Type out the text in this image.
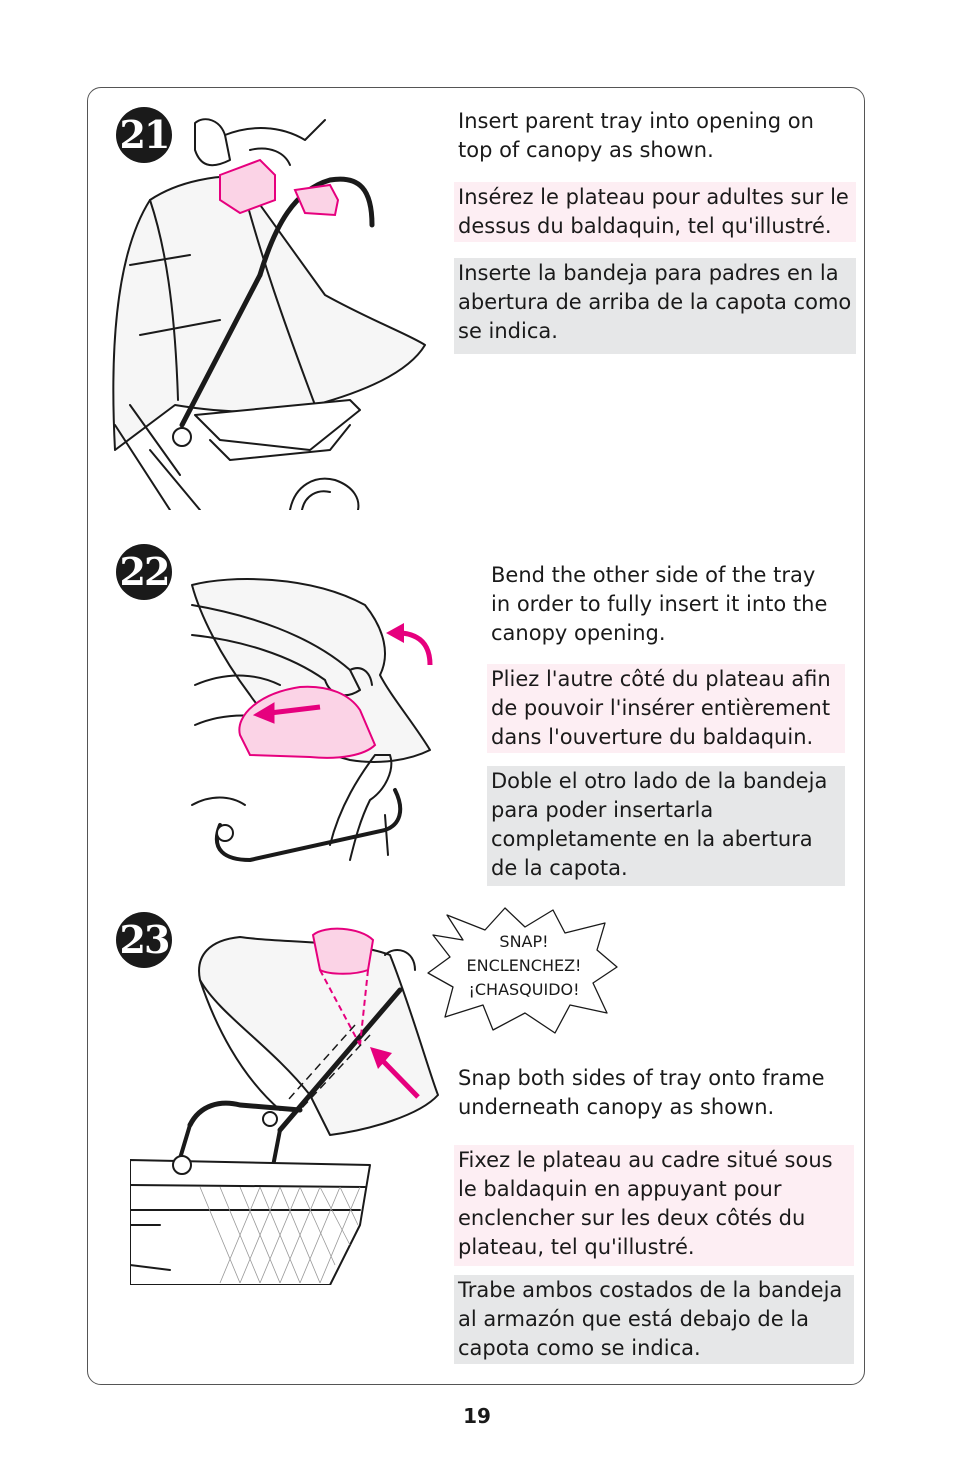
21	Insert parent tray into opening on top of canopy as shown.
Insérez le plateau pour adultes sur le dessus du baldaquin, tel qu'illustré.
Inserte la bandeja para padres en la abertura de arriba de la capota como se indica.
22	Bend the other side of the tray in order to fully insert it into the canopy opening.
Pliez l'autre côté du plateau afin de pouvoir l'insérer entièrement dans l'ouverture du baldaquin.
Doble el otro lado de la bandeja para poder insertarla completamente en la abertura de la capota.
23	SNAP!
ENCLENCHEZ!
¡CHASQUIDO!
Snap both sides of tray onto frame underneath canopy as shown.
Fixez le plateau au cadre situé sous le baldaquin en appuyant pour enclencher sur les deux côtés du plateau, tel qu'illustré.
Trabe ambos costados de la bandeja al armazón que está debajo de la capota como se indica.
19
